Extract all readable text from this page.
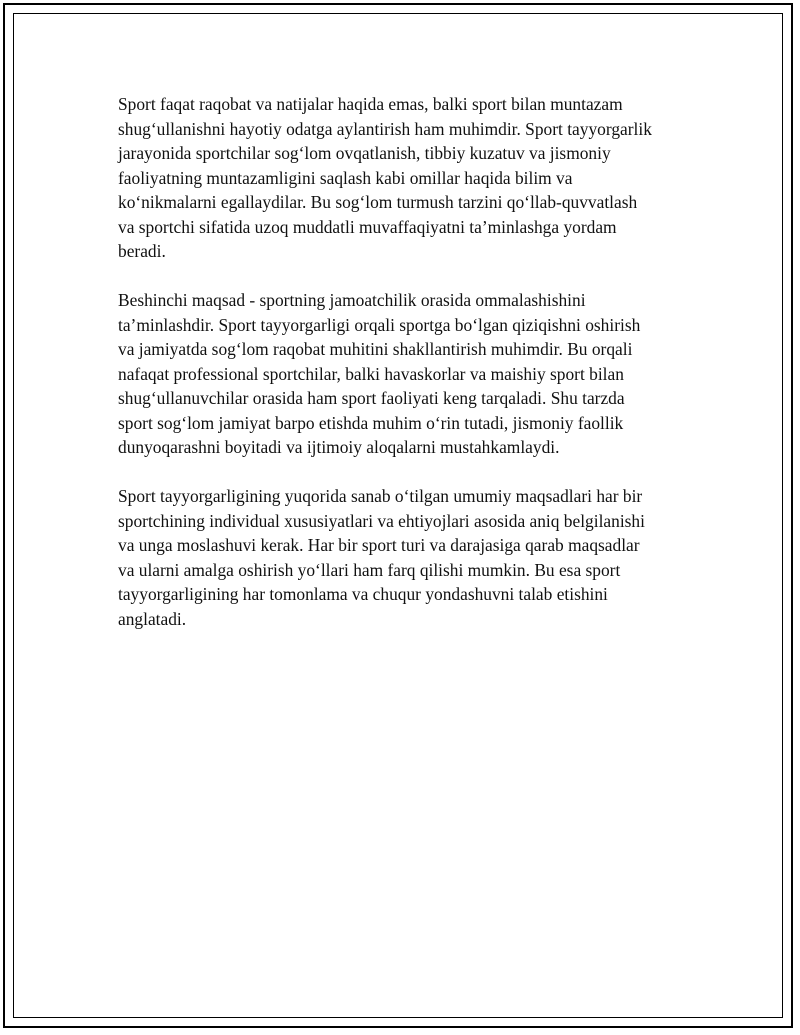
Sport faqat raqobat va natijalar haqida emas, balki sport bilan muntazam
shug‘ullanishni hayotiy odatga aylantirish ham muhimdir. Sport tayyorgarlik
jarayonida sportchilar sog‘lom ovqatlanish, tibbiy kuzatuv va jismoniy
faoliyatning muntazamligini saqlash kabi omillar haqida bilim va
ko‘nikmalarni egallaydilar. Bu sog‘lom turmush tarzini qo‘llab-quvvatlash
va sportchi sifatida uzoq muddatli muvaffaqiyatni ta’minlashga yordam
beradi.

Beshinchi maqsad - sportning jamoatchilik orasida ommalashishini
ta’minlashdir. Sport tayyorgarligi orqali sportga bo‘lgan qiziqishni oshirish
va jamiyatda sog‘lom raqobat muhitini shakllantirish muhimdir. Bu orqali
nafaqat professional sportchilar, balki havaskorlar va maishiy sport bilan
shug‘ullanuvchilar orasida ham sport faoliyati keng tarqaladi. Shu tarzda
sport sog‘lom jamiyat barpo etishda muhim o‘rin tutadi, jismoniy faollik
dunyoqarashni boyitadi va ijtimoiy aloqalarni mustahkamlaydi.

Sport tayyorgarligining yuqorida sanab o‘tilgan umumiy maqsadlari har bir
sportchining individual xususiyatlari va ehtiyojlari asosida aniq belgilanishi
va unga moslashuvi kerak. Har bir sport turi va darajasiga qarab maqsadlar
va ularni amalga oshirish yo‘llari ham farq qilishi mumkin. Bu esa sport
tayyorgarligining har tomonlama va chuqur yondashuvni talab etishini
anglatadi.
